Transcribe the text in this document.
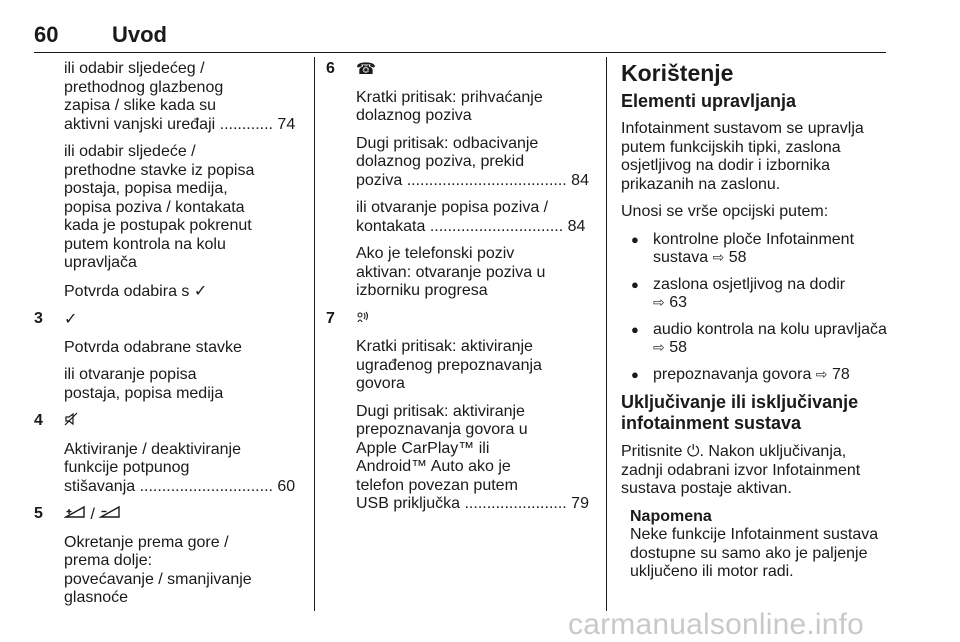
60 Uvod

ili odabir sljedećeg /
prethodnog glazbenog
zapisa / slike kada su
aktivni vanjski uređaji ............ 74

ili odabir sljedeće /
prethodne stavke iz popisa
postaja, popisa medija,
popisa poziva / kontakata
kada je postupak pokrenut
putem kontrola na kolu
upravljača

Potvrda odabira s ✓

3 ✓

Potvrda odabrane stavke

ili otvaranje popisa
postaja, popisa medija

4

Aktiviranje / deaktiviranje
funkcije potpunog
stišavanja .............................. 60

5	/

Okretanje prema gore /
prema dolje:
povećavanje / smanjivanje
glasnoće

6 ☎

Kratki pritisak: prihvaćanje
dolaznog poziva

Dugi pritisak: odbacivanje
dolaznog poziva, prekid
poziva .................................... 84

ili otvaranje popisa poziva /
kontakata .............................. 84

Ako je telefonski poziv
aktivan: otvaranje poziva u
izborniku progresa

7

Kratki pritisak: aktiviranje
ugrađenog prepoznavanja
govora

Dugi pritisak: aktiviranje
prepoznavanja govora u
Apple CarPlay™ ili
Android™ Auto ako je
telefon povezan putem
USB priključka ....................... 79

Korištenje
Elementi upravljanja

Infotainment sustavom se upravlja
putem funkcijskih tipki, zaslona
osjetljivog na dodir i izbornika
prikazanih na zaslonu.

Unosi se vrše opcijski putem:

● kontrolne ploče Infotainment
sustava ⇨ 58
● zaslona osjetljivog na dodir
⇨ 63
● audio kontrola na kolu upravljača
⇨ 58
● prepoznavanja govora ⇨ 78
Uključivanje ili isključivanje
infotainment sustava

Pritisnite ⏻. Nakon uključivanja,
zadnji odabrani izvor Infotainment
sustava postaje aktivan.

Napomena
Neke funkcije Infotainment sustava
dostupne su samo ako je paljenje
uključeno ili motor radi.
carmanualsonline.info
